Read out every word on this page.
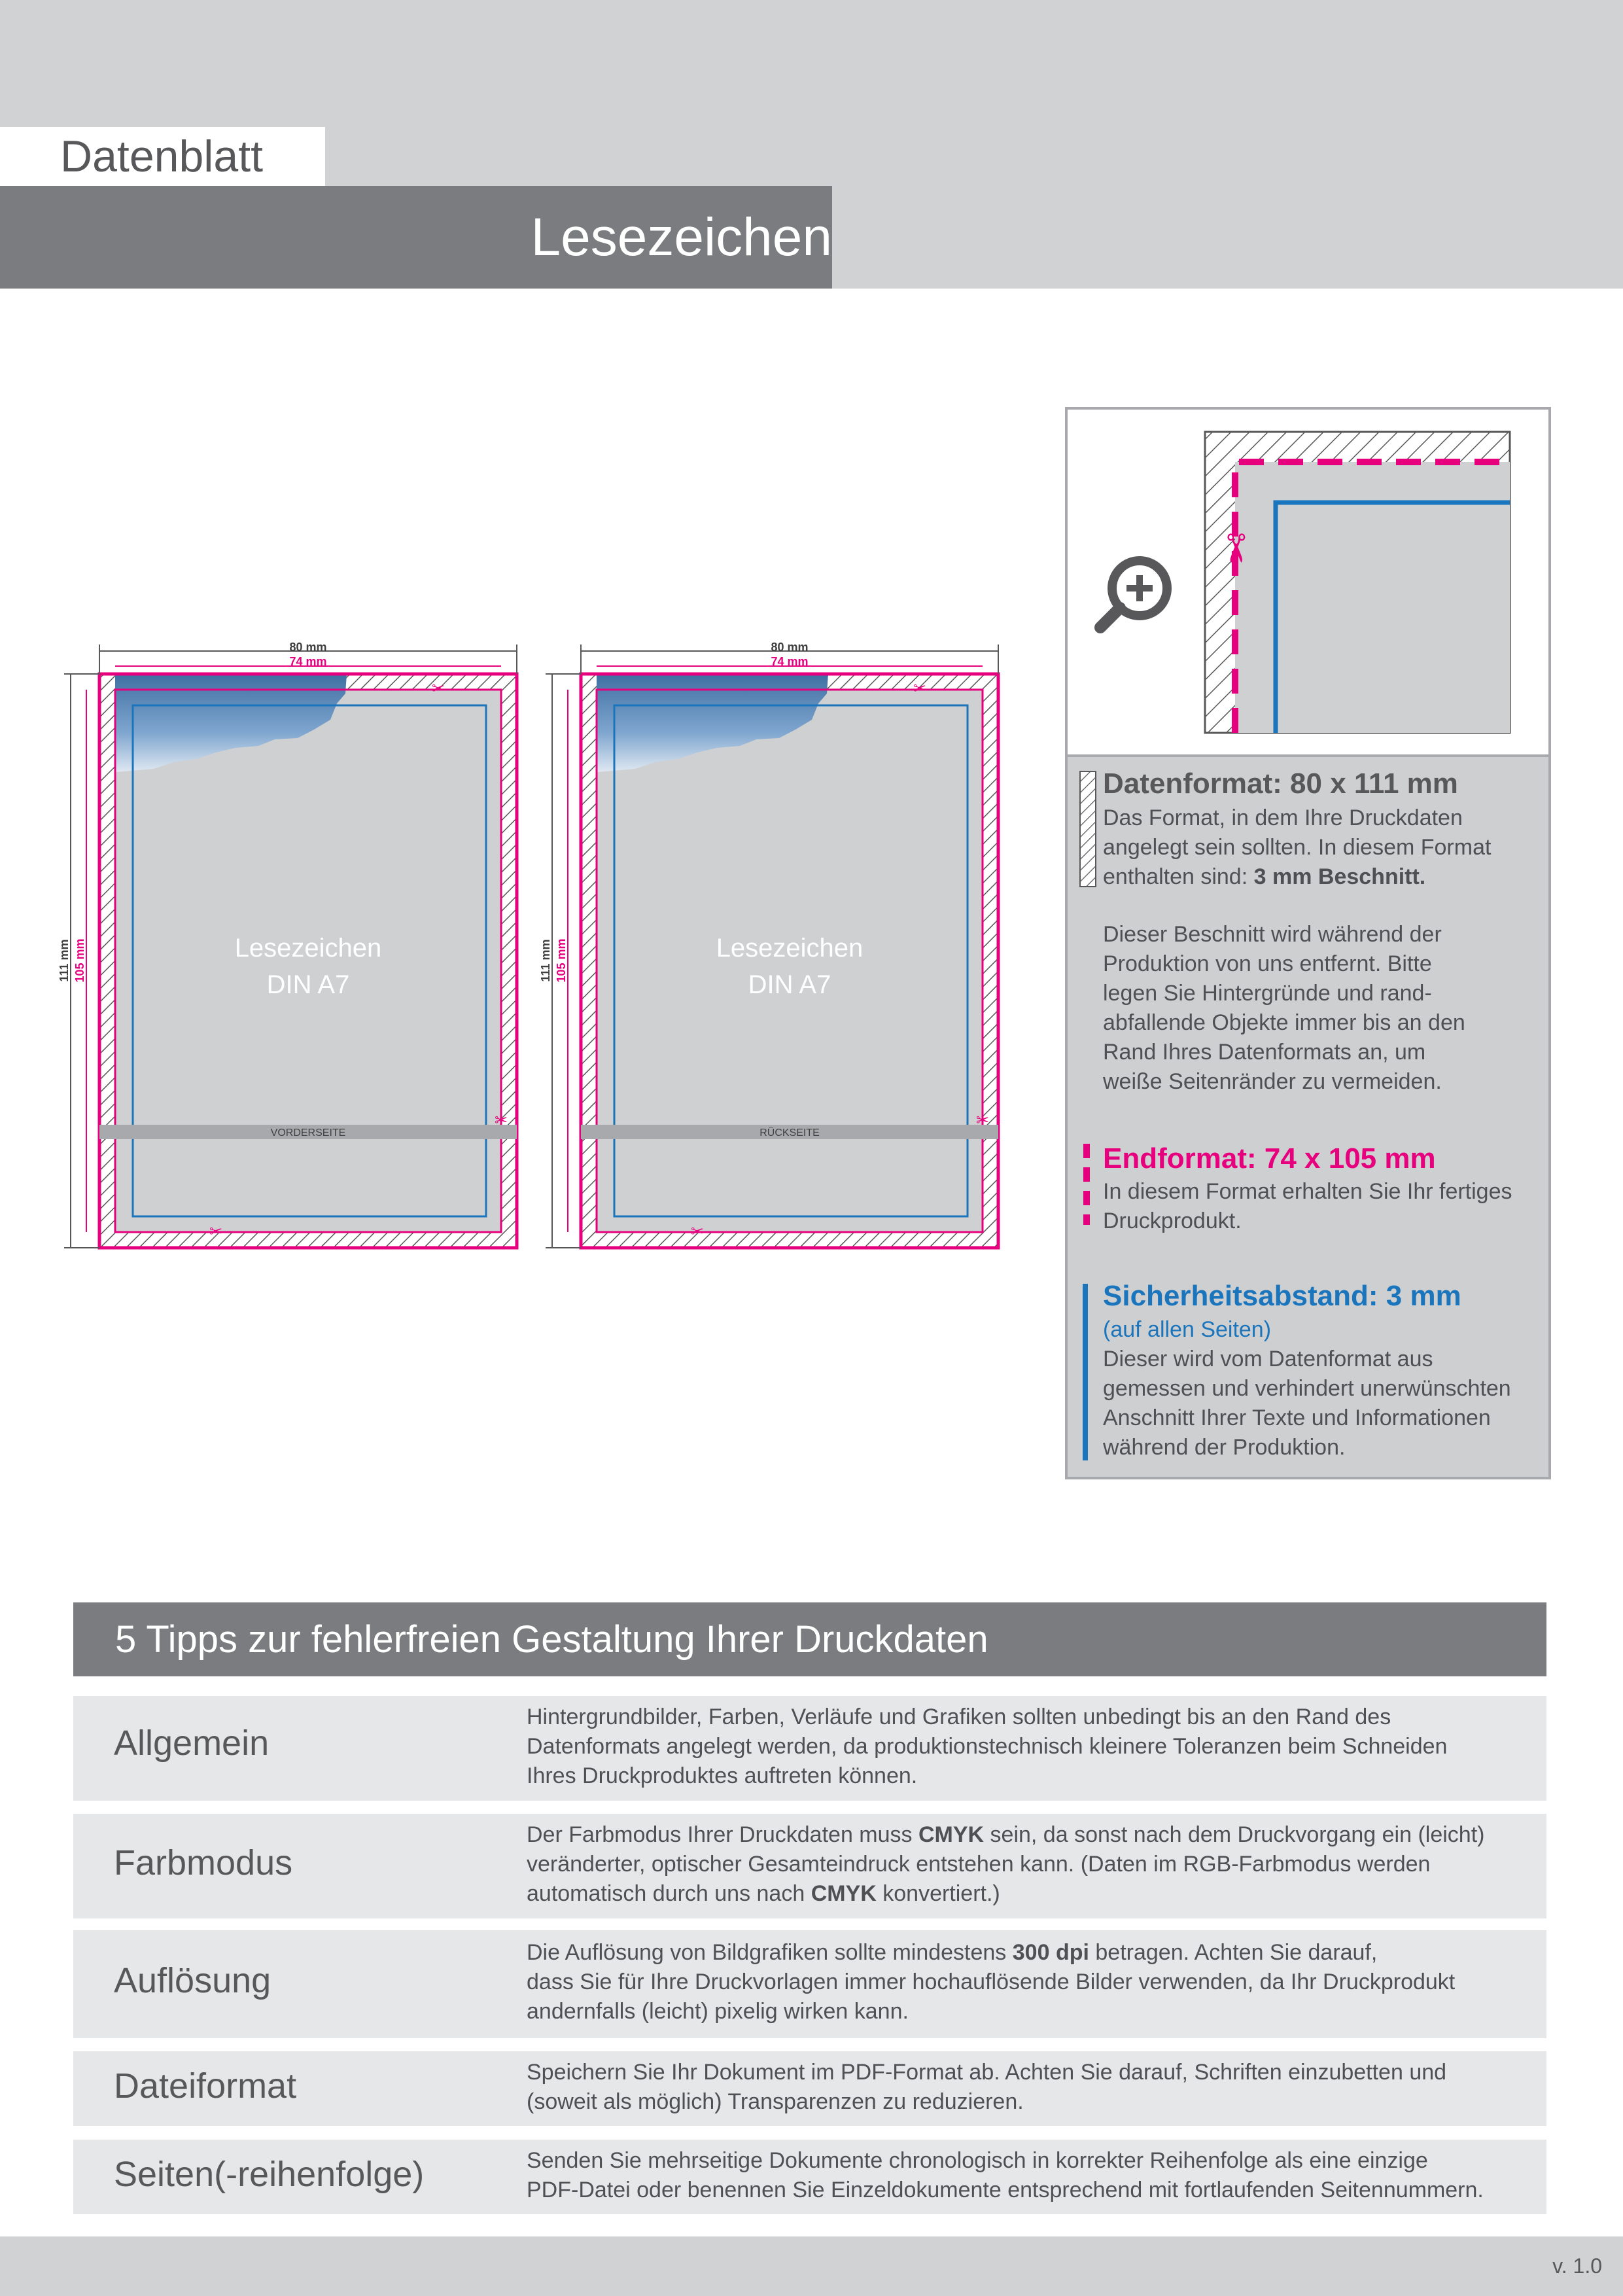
Datenblatt
Lesezeichen
VORDERSEITE
Lesezeichen
DIN A7
80 mm
74 mm
111 mm 105 mm
✂
✂
✂
RÜCKSEITE
Lesezeichen
DIN A7
80 mm
74 mm
111 mm 105 mm
✂
✂
✂
✂
Datenformat: 80 x 111 mm
Das Format, in dem Ihre Druckdaten
angelegt sein sollten. In diesem Format
enthalten sind: 3 mm Beschnitt.
Dieser Beschnitt wird während der
Produktion von uns entfernt. Bitte
legen Sie Hintergründe und rand-
abfallende Objekte immer bis an den
Rand Ihres Datenformats an, um
weiße Seitenränder zu vermeiden.
Endformat: 74 x 105 mm
In diesem Format erhalten Sie Ihr fertiges
Druckprodukt.
Sicherheitsabstand: 3 mm
(auf allen Seiten)
Dieser wird vom Datenformat aus
gemessen und verhindert unerwünschten
Anschnitt Ihrer Texte und Informationen
während der Produktion.
5 Tipps zur fehlerfreien Gestaltung Ihrer Druckdaten
Allgemein
Hintergrundbilder, Farben, Verläufe und Grafiken sollten unbedingt bis an den Rand des
Datenformats angelegt werden, da produktionstechnisch kleinere Toleranzen beim Schneiden
Ihres Druckproduktes auftreten können.
Farbmodus
Der Farbmodus Ihrer Druckdaten muss CMYK sein, da sonst nach dem Druckvorgang ein (leicht)
veränderter, optischer Gesamteindruck entstehen kann. (Daten im RGB-Farbmodus werden
automatisch durch uns nach CMYK konvertiert.)
Auflösung
Die Auflösung von Bildgrafiken sollte mindestens 300 dpi betragen. Achten Sie darauf,
dass Sie für Ihre Druckvorlagen immer hochauflösende Bilder verwenden, da Ihr Druckprodukt
andernfalls (leicht) pixelig wirken kann.
Dateiformat	Speichern Sie Ihr Dokument im PDF-Format ab. Achten Sie darauf, Schriften einzubetten und
(soweit als möglich) Transparenzen zu reduzieren.
Seiten(-reihenfolge)	Senden Sie mehrseitige Dokumente chronologisch in korrekter Reihenfolge als eine einzige
PDF-Datei oder benennen Sie Einzeldokumente entsprechend mit fortlaufenden Seitennummern.
v. 1.0
